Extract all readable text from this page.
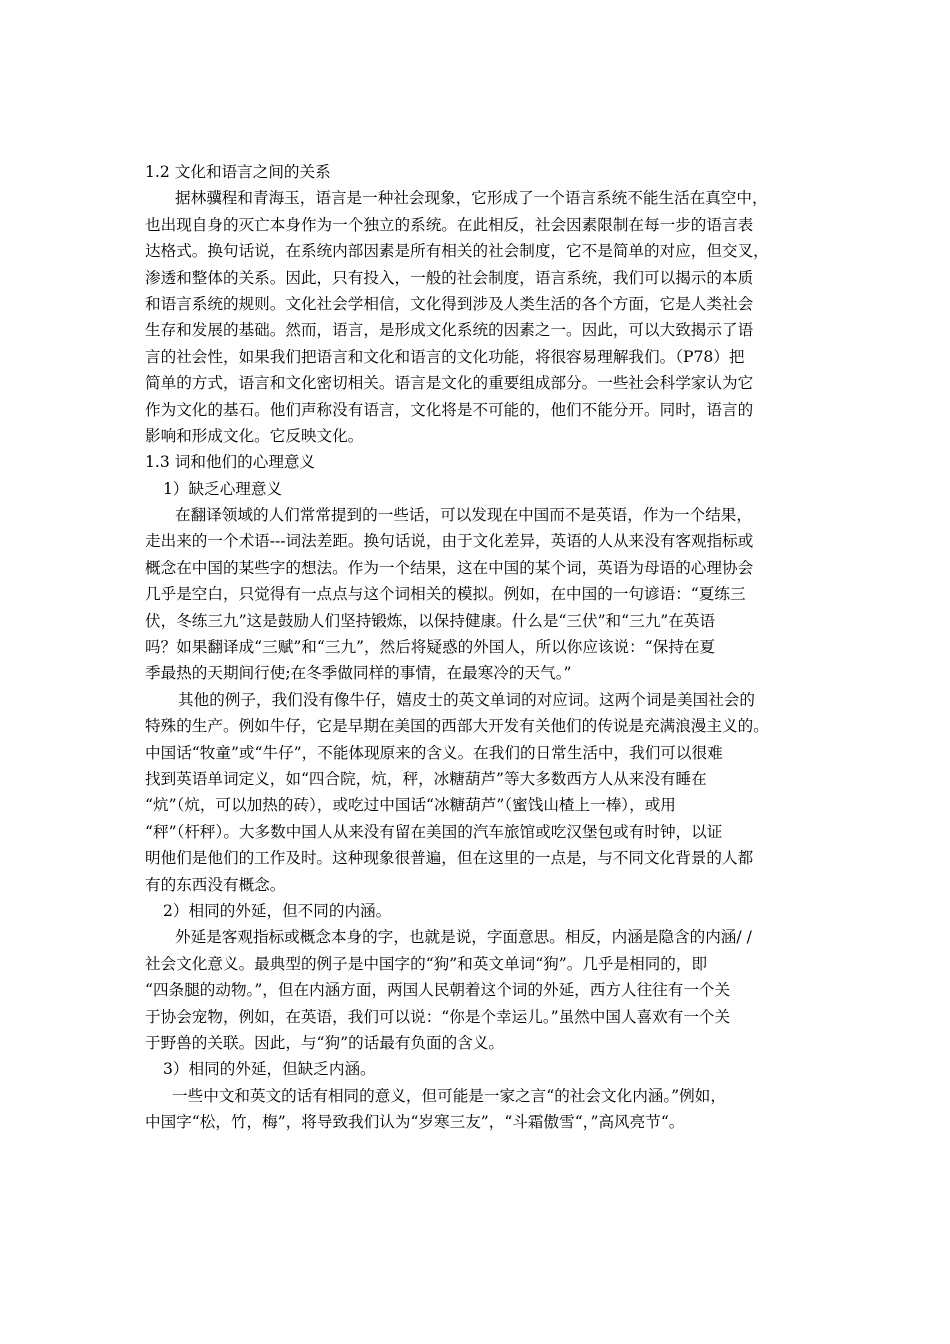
1.2 文化和语言之间的关系
据林骥程和青海玉，语言是一种社会现象，它形成了一个语言系统不能生活在真空中，
也出现自身的灭亡本身作为一个独立的系统。在此相反，社会因素限制在每一步的语言表
达格式。换句话说，在系统内部因素是所有相关的社会制度，它不是简单的对应，但交叉，
渗透和整体的关系。因此，只有投入，一般的社会制度，语言系统，我们可以揭示的本质
和语言系统的规则。文化社会学相信，文化得到涉及人类生活的各个方面，它是人类社会
生存和发展的基础。然而，语言，是形成文化系统的因素之一。因此，可以大致揭示了语
言的社会性，如果我们把语言和文化和语言的文化功能，将很容易理解我们。（P78）把
简单的方式，语言和文化密切相关。语言是文化的重要组成部分。一些社会科学家认为它
作为文化的基石。他们声称没有语言，文化将是不可能的，他们不能分开。同时，语言的
影响和形成文化。它反映文化。
1.3 词和他们的心理意义
1）缺乏心理意义
在翻译领域的人们常常提到的一些话，可以发现在中国而不是英语，作为一个结果，
走出来的一个术语---词法差距。换句话说，由于文化差异，英语的人从来没有客观指标或
概念在中国的某些字的想法。作为一个结果，这在中国的某个词，英语为母语的心理协会
几乎是空白，只觉得有一点点与这个词相关的模拟。例如，在中国的一句谚语：“夏练三
伏，冬练三九”这是鼓励人们坚持锻炼，以保持健康。什么是“三伏”和“三九”在英语
吗？如果翻译成“三赋”和“三九”，然后将疑惑的外国人，所以你应该说：“保持在夏
季最热的天期间行使;在冬季做同样的事情，在最寒冷的天气。”
其他的例子，我们没有像牛仔，嬉皮士的英文单词的对应词。这两个词是美国社会的
特殊的生产。例如牛仔，它是早期在美国的西部大开发有关他们的传说是充满浪漫主义的。
中国话“牧童”或“牛仔”，不能体现原来的含义。在我们的日常生活中，我们可以很难
找到英语单词定义，如“四合院，炕，秤，冰糖葫芦”等大多数西方人从来没有睡在
“炕”（炕，可以加热的砖），或吃过中国话“冰糖葫芦”（蜜饯山楂上一棒），或用
“秤”（杆秤）。大多数中国人从来没有留在美国的汽车旅馆或吃汉堡包或有时钟，以证
明他们是他们的工作及时。这种现象很普遍，但在这里的一点是，与不同文化背景的人都
有的东西没有概念。
2）相同的外延，但不同的内涵。
外延是客观指标或概念本身的字，也就是说，字面意思。相反，内涵是隐含的内涵/ /
社会文化意义。最典型的例子是中国字的“狗”和英文单词“狗”。几乎是相同的，即
“四条腿的动物。”，但在内涵方面，两国人民朝着这个词的外延，西方人往往有一个关
于协会宠物，例如，在英语，我们可以说：“你是个幸运儿。”虽然中国人喜欢有一个关
于野兽的关联。因此，与“狗”的话最有负面的含义。
3）相同的外延，但缺乏内涵。
一些中文和英文的话有相同的意义，但可能是一家之言“的社会文化内涵。”例如，
中国字“松，竹，梅”，将导致我们认为“岁寒三友”，“斗霜傲雪“，”高风亮节“。
